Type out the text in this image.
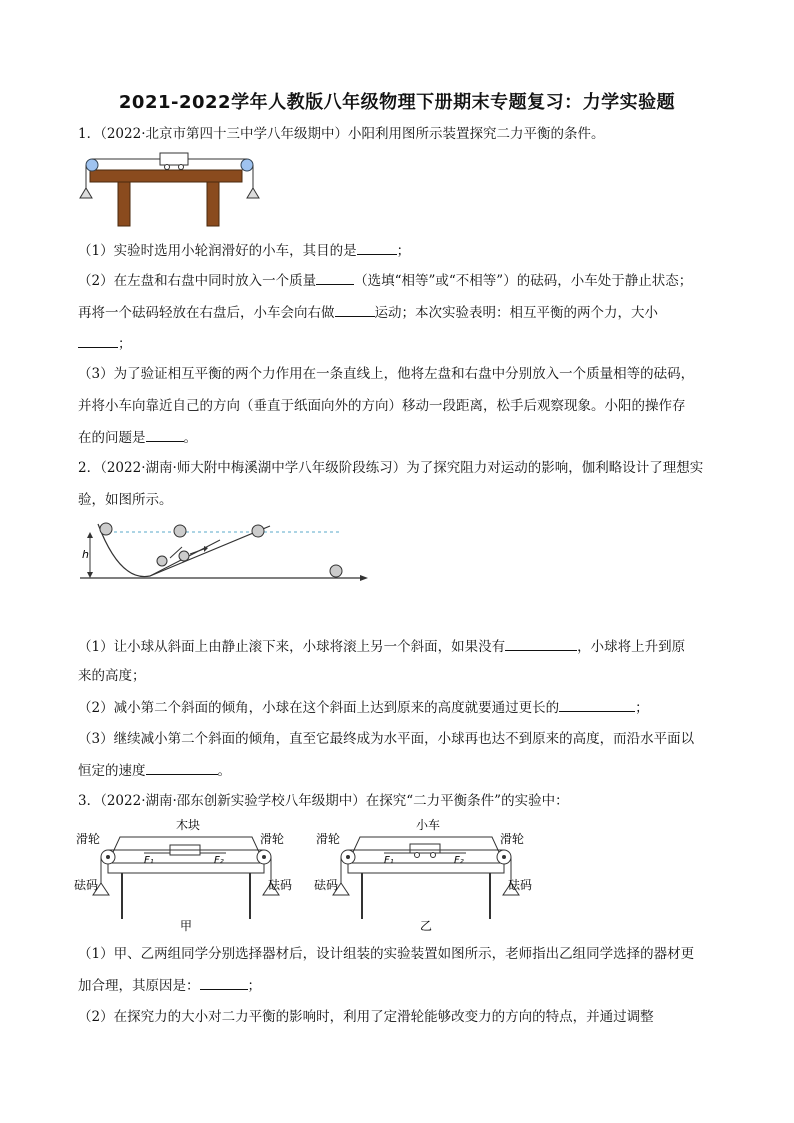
2021-2022学年人教版八年级物理下册期末专题复习：力学实验题
1．（2022·北京市第四十三中学八年级期中）小阳利用图所示装置探究二力平衡的条件。
（1）实验时选用小轮润滑好的小车，其目的是	；
（2）在左盘和右盘中同时放入一个质量	（选填“相等”或“不相等”）的砝码，小车处于静止状态；
再将一个砝码轻放在右盘后，小车会向右做	运动；本次实验表明：相互平衡的两个力，大小
；
（3）为了验证相互平衡的两个力作用在一条直线上，他将左盘和右盘中分别放入一个质量相等的砝码，
并将小车向靠近自己的方向（垂直于纸面向外的方向）移动一段距离，松手后观察现象。小阳的操作存
在的问题是	。
2．（2022·湖南·师大附中梅溪湖中学八年级阶段练习）为了探究阻力对运动的影响，伽利略设计了理想实
验，如图所示。
h
（1）让小球从斜面上由静止滚下来，小球将滚上另一个斜面，如果没有	，小球将上升到原
来的高度；
（2）减小第二个斜面的倾角，小球在这个斜面上达到原来的高度就要通过更长的	；
（3）继续减小第二个斜面的倾角，直至它最终成为水平面，小球再也达不到原来的高度，而沿水平面以
恒定的速度	。
3．（2022·湖南·邵东创新实验学校八年级期中）在探究“二力平衡条件”的实验中：
木块
滑轮	滑轮
F₁	F₂
砝码	砝码
甲
小车
滑轮	滑轮
F₁	F₂
砝码	砝码
乙
（1）甲、乙两组同学分别选择器材后，设计组装的实验装置如图所示，老师指出乙组同学选择的器材更
加合理，其原因是：	；
（2）在探究力的大小对二力平衡的影响时，利用了定滑轮能够改变力的方向的特点，并通过调整
